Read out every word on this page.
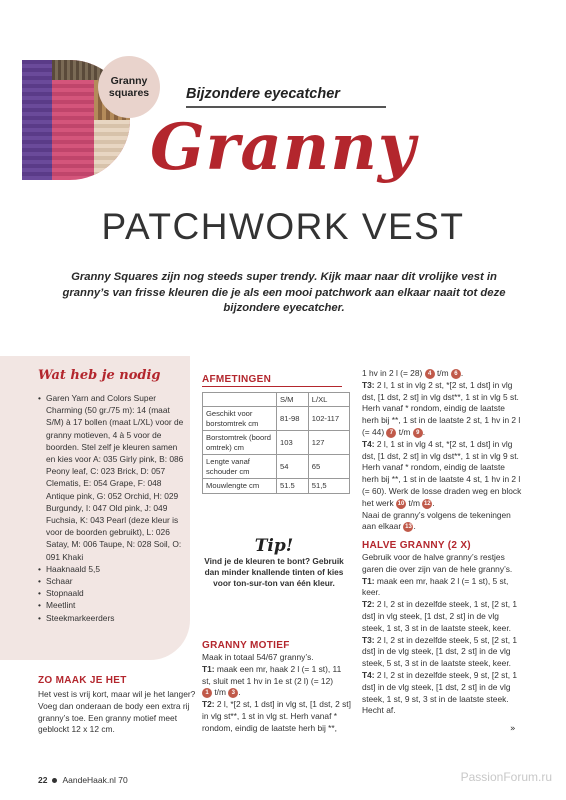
Granny
squares	Bijzondere eyecatcher
Granny
PATCHWORK VEST
Granny Squares zijn nog steeds super trendy. Kijk maar naar dit vrolijke vest in granny’s van frisse kleuren die je als een mooi patchwork aan elkaar naait tot deze bijzondere eyecatcher.
Wat heb je nodig
• Garen Yarn and Colors Super Charming (50 gr./75 m): 14 (maat S/M) à 17 bollen (maat L/XL) voor de granny motieven, 4 à 5 voor de boorden. Stel zelf je kleuren samen en kies voor A: 035 Girly pink, B: 086 Peony leaf, C: 023 Brick, D: 057 Clematis, E: 054 Grape, F: 048 Antique pink, G: 052 Orchid, H: 029 Burgundy, I: 047 Old pink, J: 049 Fuchsia, K: 043 Pearl (deze kleur is voor de boorden gebruikt), L: 026 Satay, M: 006 Taupe, N: 028 Soil, O: 091 Khaki
• Haaknaald 5,5
• Schaar
• Stopnaald
• Meetlint
• Steekmarkeerders
ZO MAAK JE HET
Het vest is vrij kort, maar wil je het langer? Voeg dan onderaan de body een extra rij granny’s toe. Een granny motief meet geblockt 12 x 12 cm.
AFMETINGEN
	S/M	L/XL
Geschikt voor borstomtrek cm	81-98	102-117
Borstomtrek (boord omtrek) cm	103	127
Lengte vanaf schouder cm	54	65
Mouwlengte cm	51.5	51,5
Tip!
Vind je de kleuren te bont? Gebruik dan minder knallende tinten of kies voor ton-sur-ton van één kleur.
GRANNY MOTIEF
Maak in totaal 54/67 granny’s.
T1: maak een mr, haak 2 l (= 1 st), 11 st, sluit met 1 hv in 1e st (2 l) (= 12)
1 t/m 3 .
T2: 2 l, *[2 st, 1 dst] in vlg st, [1 dst, 2 st] in vlg st**, 1 st in vlg st. Herh vanaf * rondom, eindig de laatste herh bij **,
1 hv in 2 l (= 28) 4 t/m 6 .
T3: 2 l, 1 st in vlg 2 st, *[2 st, 1 dst] in vlg dst, [1 dst, 2 st] in vlg dst**, 1 st in vlg 5 st. Herh vanaf * rondom, eindig de laatste herh bij **, 1 st in de laatste 2 st, 1 hv in 2 l (= 44) 7 t/m 9 .
T4: 2 l, 1 st in vlg 4 st, *[2 st, 1 dst] in vlg dst, [1 dst, 2 st] in vlg dst**, 1 st in vlg 9 st. Herh vanaf * rondom, eindig de laatste herh bij **, 1 st in de laatste 4 st, 1 hv in 2 l (= 60). Werk de losse draden weg en block het werk 10 t/m 12 .
Naai de granny’s volgens de tekeningen aan elkaar 13 .
HALVE GRANNY (2 X)
Gebruik voor de halve granny’s restjes garen die over zijn van de hele granny’s.
T1: maak een mr, haak 2 l (= 1 st), 5 st, keer.
T2: 2 l, 2 st in dezelfde steek, 1 st, [2 st, 1 dst] in vlg steek, [1 dst, 2 st] in de vlg steek, 1 st, 3 st in de laatste steek, keer.
T3: 2 l, 2 st in dezelfde steek, 5 st, [2 st, 1 dst] in de vlg steek, [1 dst, 2 st] in de vlg steek, 5 st, 3 st in de laatste steek, keer.
T4: 2 l, 2 st in dezelfde steek, 9 st, [2 st, 1 dst] in de vlg steek, [1 dst, 2 st] in de vlg steek, 1 st, 9 st, 3 st in de laatste steek. Hecht af.
»
22 AandeHaak.nl 70	PassionForum.ru
